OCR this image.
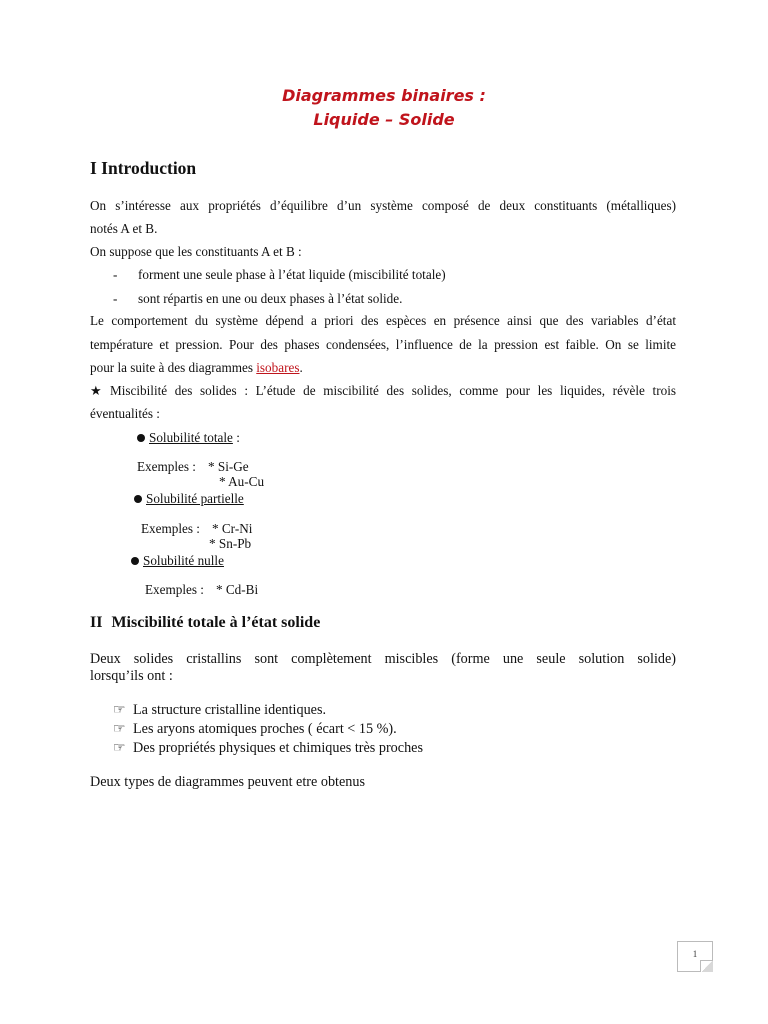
Diagrammes binaires :
Liquide – Solide
I Introduction
On s’intéresse aux propriétés d’équilibre d’un système composé de deux constituants (métalliques)
notés A et B.
On suppose que les constituants A et B :
- forment une seule phase à l’état liquide (miscibilité totale)
- sont répartis en une ou deux phases à l’état solide.
Le comportement du système dépend a priori des espèces en présence ainsi que des variables d’état
température et pression. Pour des phases condensées, l’influence de la pression est faible. On se limite
pour la suite à des diagrammes isobares.
★ Miscibilité des solides : L’étude de miscibilité des solides, comme pour les liquides, révèle trois
éventualités :
Solubilité totale :
Exemples : * Si-Ge
* Au-Cu
Solubilité partielle
Exemples : * Cr-Ni
* Sn-Pb
Solubilité nulle
Exemples : * Cd-Bi
II Miscibilité totale à l’état solide
Deux solides cristallins sont complètement miscibles (forme une seule solution solide)
lorsqu’ils ont :
☞ La structure cristalline identiques.
☞ Les aryons atomiques proches ( écart < 15 %).
☞ Des propriétés physiques et chimiques très proches
Deux types de diagrammes peuvent etre obtenus
1
